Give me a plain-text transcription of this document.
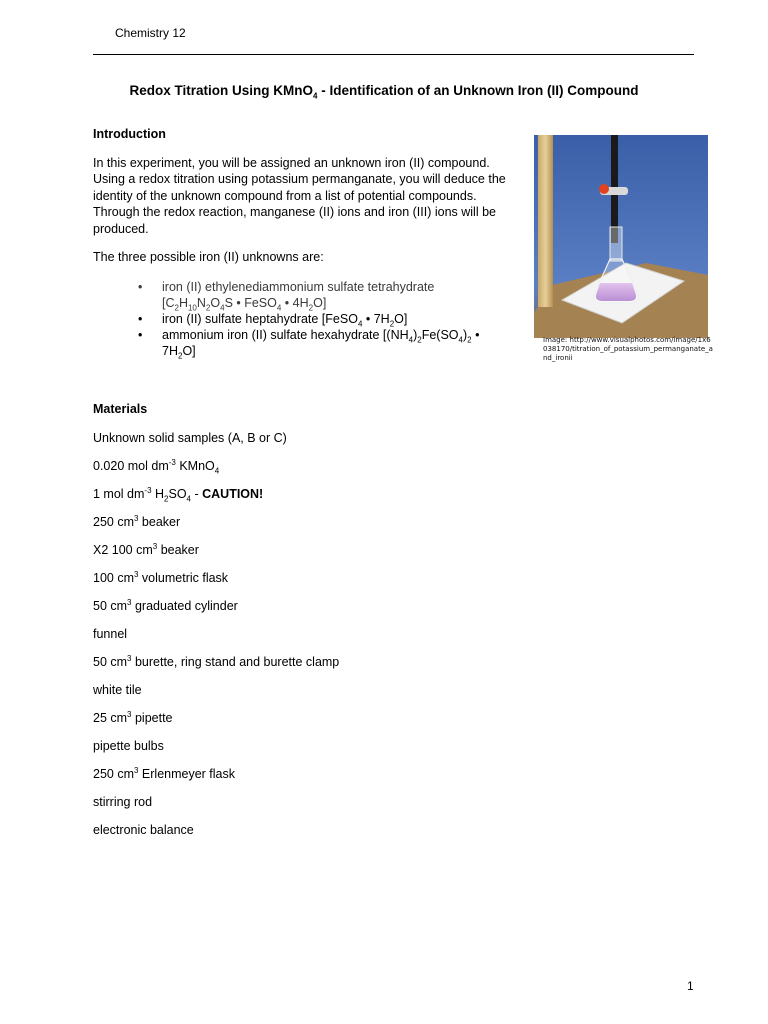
Chemistry 12
Redox Titration Using KMnO$_4$ - Identification of an Unknown Iron (II) Compound
Introduction
In this experiment, you will be assigned an unknown iron (II) compound. Using a redox titration using potassium permanganate, you will deduce the identity of the unknown compound from a list of potential compounds. Through the redox reaction, manganese (II) ions and iron (III) ions will be produced.
The three possible iron (II) unknowns are:
• iron (II) ethylenediammonium sulfate tetrahydrate [$C_2H_{10}N_2O_4S$ • FeSO$_4$ • $4H_2O$]
• iron (II) sulfate heptahydrate [FeSO$_4$ • $7H_2O$]
• ammonium iron (II) sulfate hexahydrate [$(NH_4)_2Fe(SO_4)_2$ • $7H_2O$]
Image: http://www.visualphotos.com/image/1x6038170/titration_of_potassium_permanganate_and_ironii
Materials
Unknown solid samples (A, B or C)
0.020 mol $dm^{-3}$ KMnO$_4$
1 mol $dm^{-3}$ $H_2SO_4$ - CAUTION!
250 $cm^3$ beaker
X2 100 $cm^3$ beaker
100 $cm^3$ volumetric flask
50 $cm^3$ graduated cylinder
funnel
50 $cm^3$ burette, ring stand and burette clamp
white tile
25 $cm^3$ pipette
pipette bulbs
250 $cm^3$ Erlenmeyer flask
stirring rod
electronic balance
1
